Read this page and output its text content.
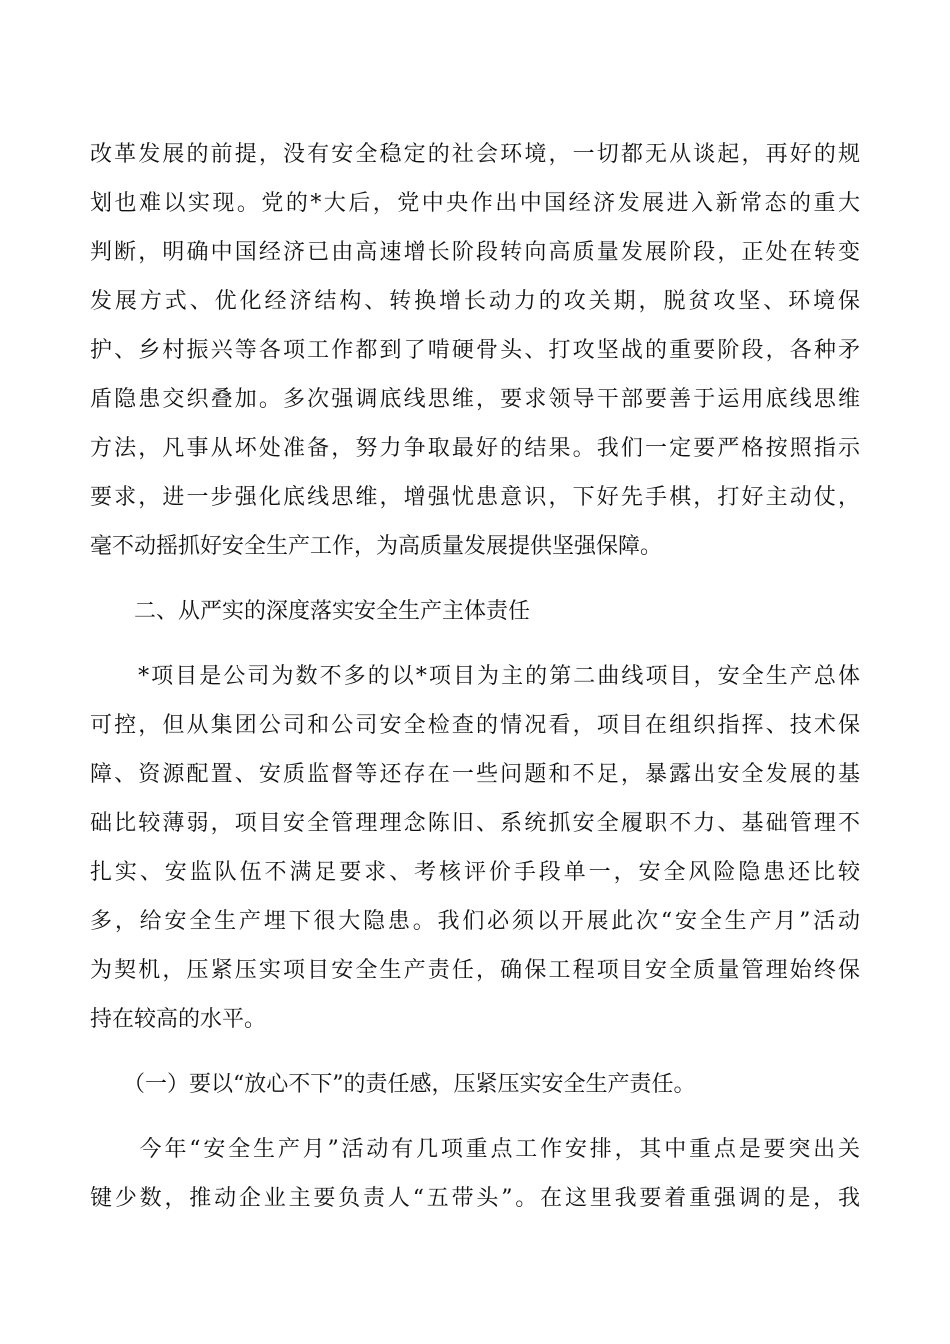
改革发展的前提，没有安全稳定的社会环境，一切都无从谈起，再好的规
划也难以实现。党的*大后，党中央作出中国经济发展进入新常态的重大
判断，明确中国经济已由高速增长阶段转向高质量发展阶段，正处在转变
发展方式、优化经济结构、转换增长动力的攻关期，脱贫攻坚、环境保
护、乡村振兴等各项工作都到了啃硬骨头、打攻坚战的重要阶段，各种矛
盾隐患交织叠加。多次强调底线思维，要求领导干部要善于运用底线思维
方法，凡事从坏处准备，努力争取最好的结果。我们一定要严格按照指示
要求，进一步强化底线思维，增强忧患意识，下好先手棋，打好主动仗，
毫不动摇抓好安全生产工作，为高质量发展提供坚强保障。
　　二、从严实的深度落实安全生产主体责任
　　*项目是公司为数不多的以*项目为主的第二曲线项目，安全生产总体
可控，但从集团公司和公司安全检查的情况看，项目在组织指挥、技术保
障、资源配置、安质监督等还存在一些问题和不足，暴露出安全发展的基
础比较薄弱，项目安全管理理念陈旧、系统抓安全履职不力、基础管理不
扎实、安监队伍不满足要求、考核评价手段单一，安全风险隐患还比较
多，给安全生产埋下很大隐患。我们必须以开展此次“安全生产月”活动
为契机，压紧压实项目安全生产责任，确保工程项目安全质量管理始终保
持在较高的水平。
　　（一）要以“放心不下”的责任感，压紧压实安全生产责任。
　　今年“安全生产月”活动有几项重点工作安排，其中重点是要突出关
键少数，推动企业主要负责人“五带头”。在这里我要着重强调的是，我
